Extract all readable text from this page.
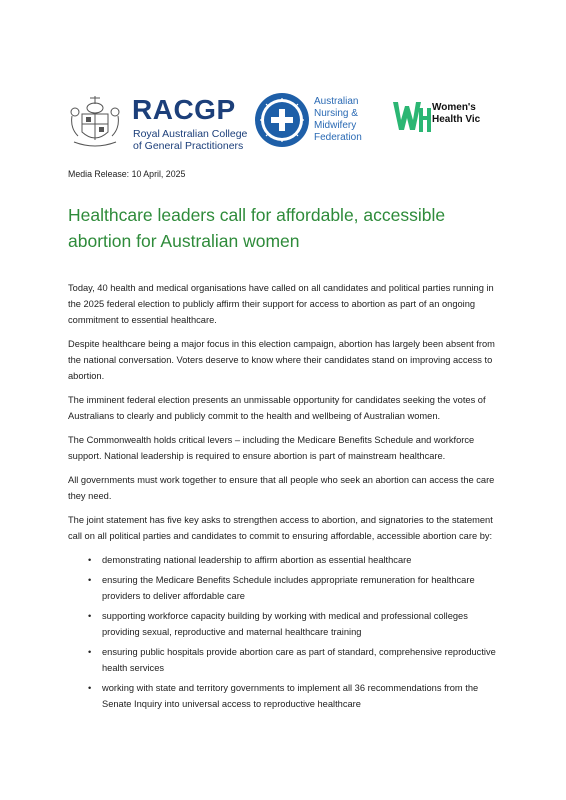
RACGP
Royal Australian College
of General Practitioners
Australian
Nursing &
Midwifery
Federation
Women's
Health Vic
Media Release: 10 April, 2025
Healthcare leaders call for affordable, accessible abortion for Australian women

Today, 40 health and medical organisations have called on all candidates and political parties running in the 2025 federal election to publicly affirm their support for access to abortion as part of an ongoing commitment to essential healthcare.

Despite healthcare being a major focus in this election campaign, abortion has largely been absent from the national conversation. Voters deserve to know where their candidates stand on improving access to abortion.

The imminent federal election presents an unmissable opportunity for candidates seeking the votes of Australians to clearly and publicly commit to the health and wellbeing of Australian women.

The Commonwealth holds critical levers – including the Medicare Benefits Schedule and workforce support. National leadership is required to ensure abortion is part of mainstream healthcare.

All governments must work together to ensure that all people who seek an abortion can access the care they need.

The joint statement has five key asks to strengthen access to abortion, and signatories to the statement call on all political parties and candidates to commit to ensuring affordable, accessible abortion care by:

• demonstrating national leadership to affirm abortion as essential healthcare
• ensuring the Medicare Benefits Schedule includes appropriate remuneration for healthcare providers to deliver affordable care
• supporting workforce capacity building by working with medical and professional colleges providing sexual, reproductive and maternal healthcare training
• ensuring public hospitals provide abortion care as part of standard, comprehensive reproductive health services
• working with state and territory governments to implement all 36 recommendations from the Senate Inquiry into universal access to reproductive healthcare
